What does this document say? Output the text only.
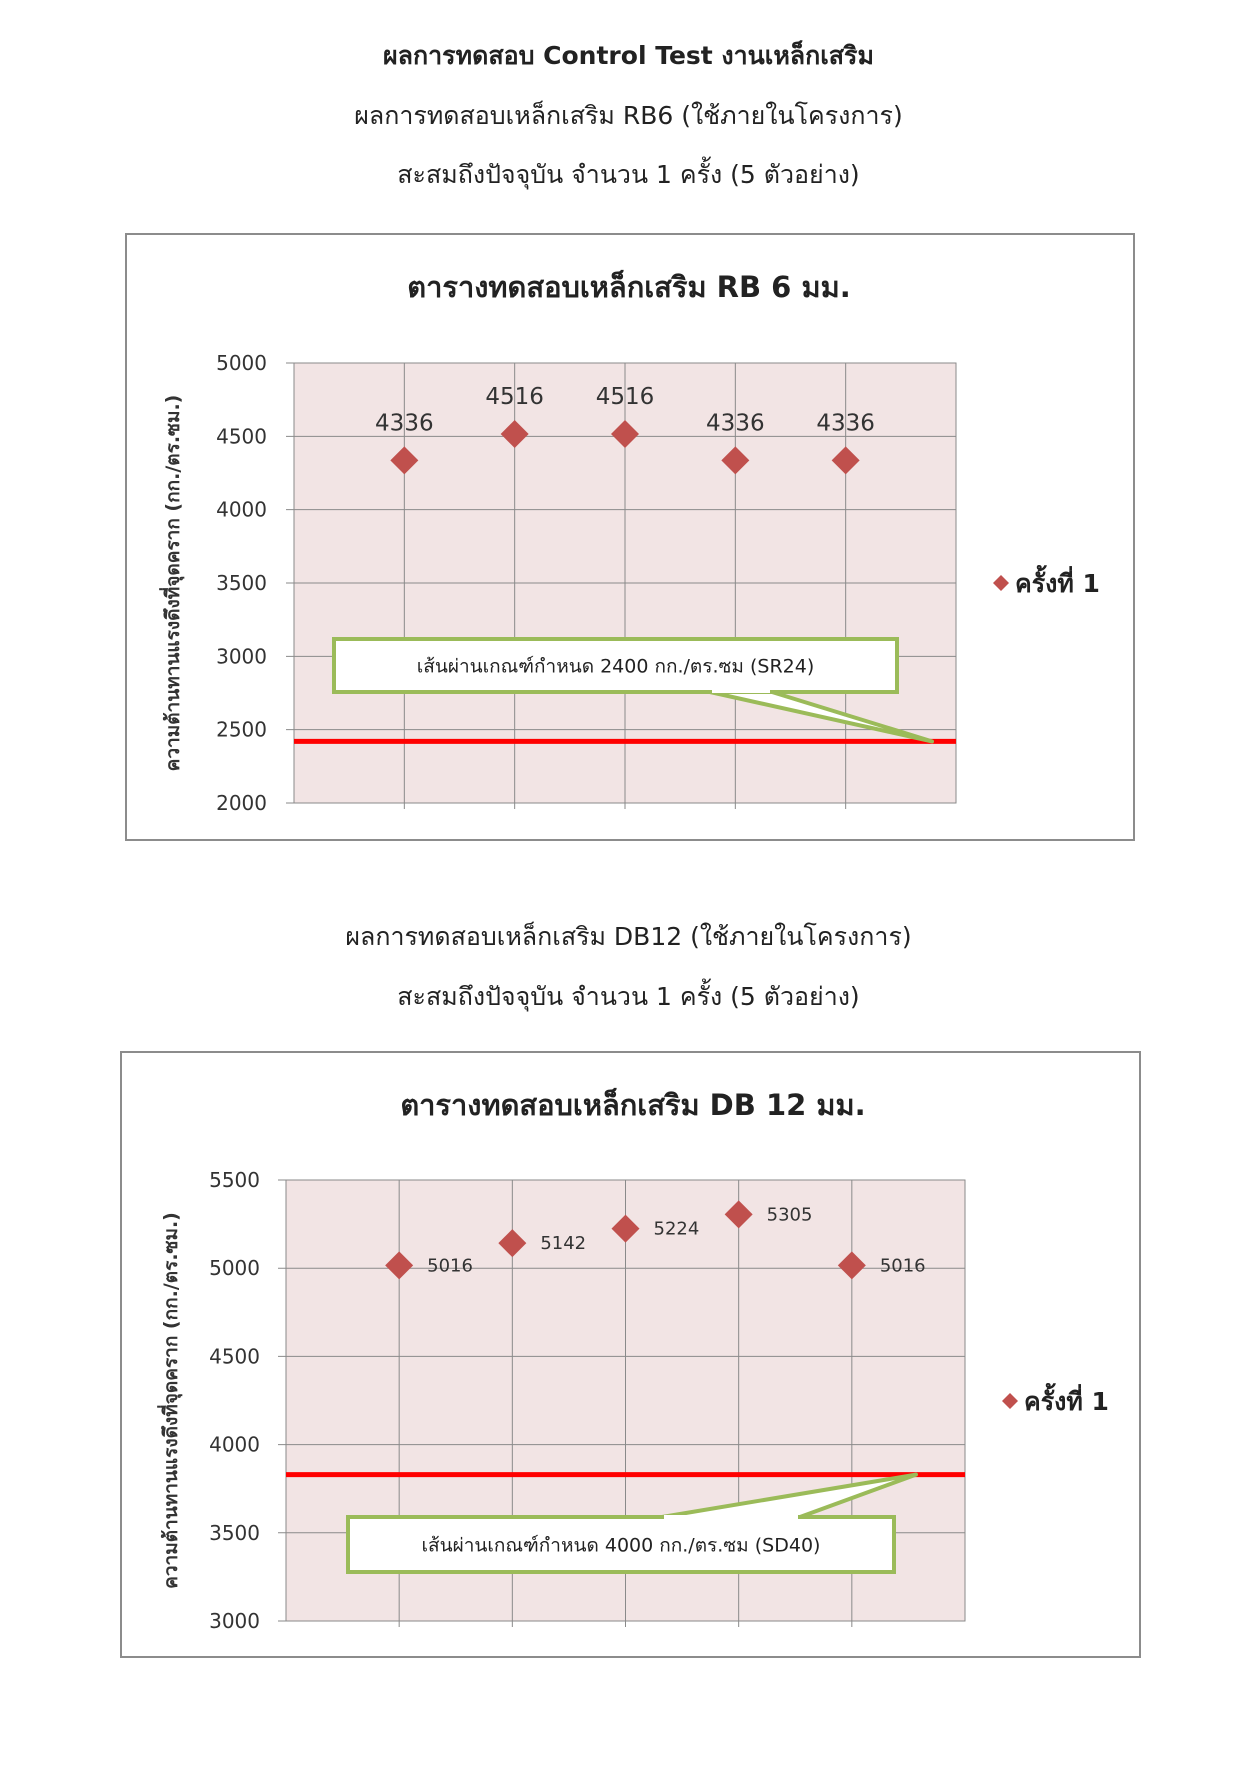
ผลการทดสอบ Control Test งานเหล็กเสริม
ผลการทดสอบเหล็กเสริม RB6 (ใช้ภายในโครงการ)
สะสมถึงปัจจุบัน จำนวน 1 ครั้ง (5 ตัวอย่าง)
ตารางทดสอบเหล็กเสริม RB 6 มม.
2000
2500
3000
3500
4000
4500
5000
ความต้านทานแรงดึงที่จุดคราก (กก./ตร.ซม.)	เส้นผ่านเกณฑ์กำหนด 2400 กก./ตร.ซม (SR24)
4336
4516 4516
4336 4336
ครั้งที่ 1
ผลการทดสอบเหล็กเสริม DB12 (ใช้ภายในโครงการ)
สะสมถึงปัจจุบัน จำนวน 1 ครั้ง (5 ตัวอย่าง)
ตารางทดสอบเหล็กเสริม DB 12 มม.
3000
3500
4000
4500
5000
5500
ความต้านทานแรงดึงที่จุดคราก (กก./ตร.ซม.)	เส้นผ่านเกณฑ์กำหนด 4000 กก./ตร.ซม (SD40)
5016
5142
5224
5305
5016
ครั้งที่ 1
